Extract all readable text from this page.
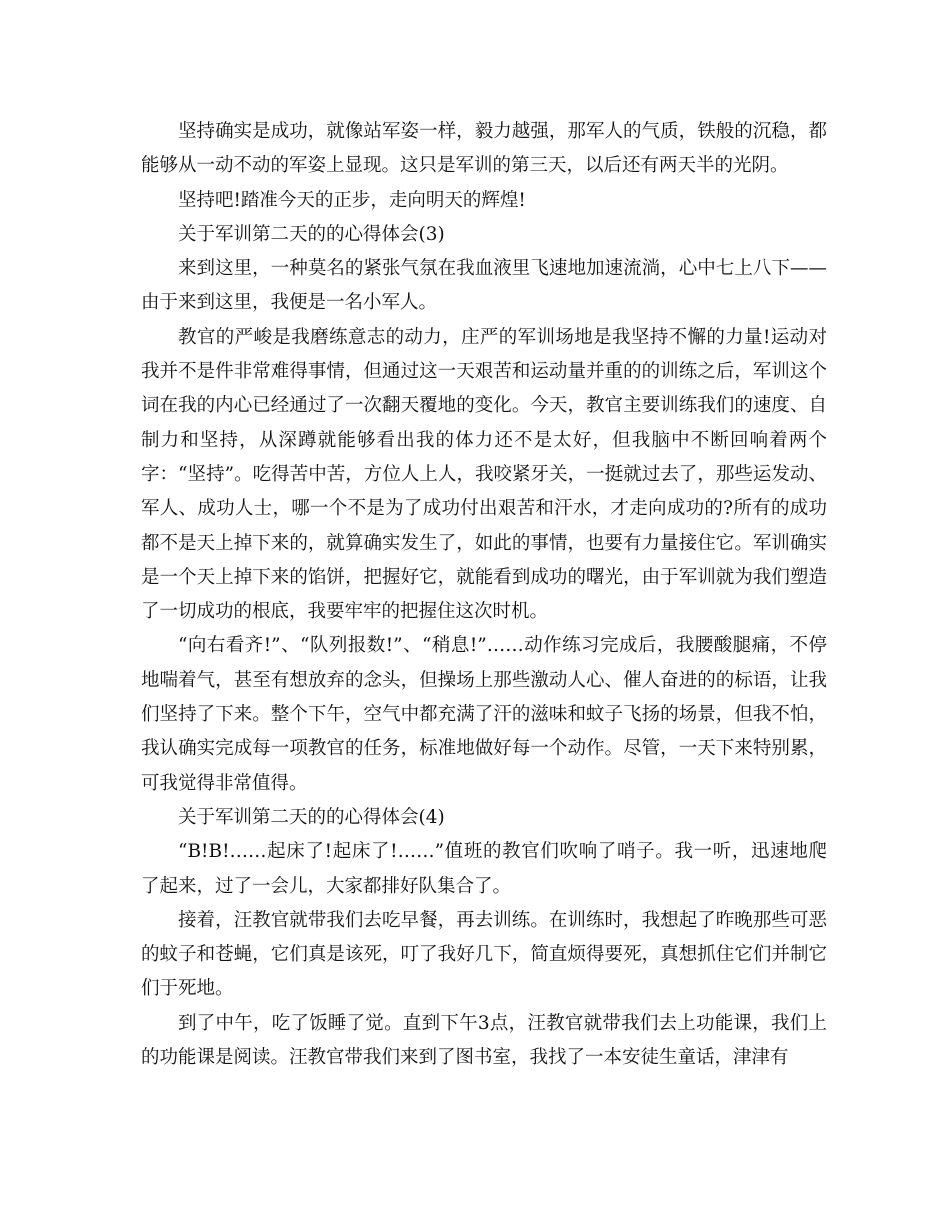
坚持确实是成功，就像站军姿一样，毅力越强，那军人的气质，铁般的沉稳，都能够从一动不动的军姿上显现。这只是军训的第三天，以后还有两天半的光阴。

坚持吧!踏准今天的正步，走向明天的辉煌!

关于军训第二天的的心得体会(3)

来到这里，一种莫名的紧张气氛在我血液里飞速地加速流淌，心中七上八下——由于来到这里，我便是一名小军人。

教官的严峻是我磨练意志的动力，庄严的军训场地是我坚持不懈的力量!运动对我并不是件非常难得事情，但通过这一天艰苦和运动量并重的的训练之后，军训这个词在我的内心已经通过了一次翻天覆地的变化。今天，教官主要训练我们的速度、自制力和坚持，从深蹲就能够看出我的体力还不是太好，但我脑中不断回响着两个字：“坚持”。吃得苦中苦，方位人上人，我咬紧牙关，一挺就过去了，那些运发动、军人、成功人士，哪一个不是为了成功付出艰苦和汗水，才走向成功的?所有的成功都不是天上掉下来的，就算确实发生了，如此的事情，也要有力量接住它。军训确实是一个天上掉下来的馅饼，把握好它，就能看到成功的曙光，由于军训就为我们塑造了一切成功的根底，我要牢牢的把握住这次时机。

“向右看齐!”、“队列报数!”、“稍息!”……动作练习完成后，我腰酸腿痛，不停地喘着气，甚至有想放弃的念头，但操场上那些激动人心、催人奋进的的标语，让我们坚持了下来。整个下午，空气中都充满了汗的滋味和蚊子飞扬的场景，但我不怕，我认确实完成每一项教官的任务，标准地做好每一个动作。尽管，一天下来特别累，可我觉得非常值得。

关于军训第二天的的心得体会(4)

“B!B!……起床了!起床了!……”值班的教官们吹响了哨子。我一听，迅速地爬了起来，过了一会儿，大家都排好队集合了。

接着，汪教官就带我们去吃早餐，再去训练。在训练时，我想起了昨晚那些可恶的蚊子和苍蝇，它们真是该死，叮了我好几下，简直烦得要死，真想抓住它们并制它们于死地。

到了中午，吃了饭睡了觉。直到下午3点，汪教官就带我们去上功能课，我们上的功能课是阅读。汪教官带我们来到了图书室，我找了一本安徒生童话，津津有
